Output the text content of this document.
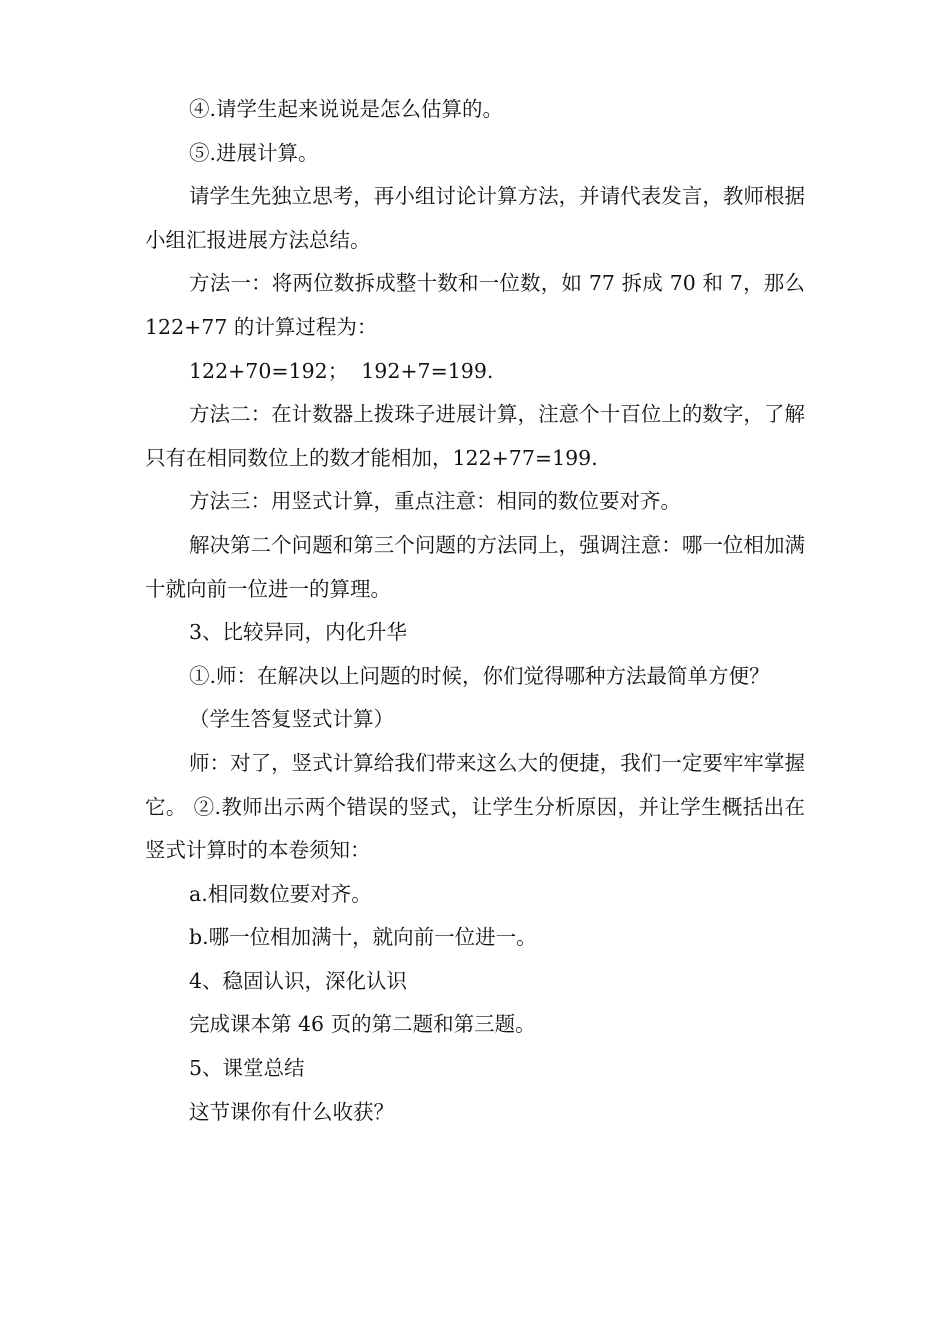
④.请学生起来说说是怎么估算的。

⑤.进展计算。

请学生先独立思考，再小组讨论计算方法，并请代表发言，教师根据小组汇报进展方法总结。

方法一：将两位数拆成整十数和一位数，如 77 拆成 70 和 7，那么 122+77 的计算过程为：

122+70=192；  192+7=199.

方法二：在计数器上拨珠子进展计算，注意个十百位上的数字，了解只有在相同数位上的数才能相加，122+77=199.

方法三：用竖式计算，重点注意：相同的数位要对齐。

解决第二个问题和第三个问题的方法同上，强调注意：哪一位相加满十就向前一位进一的算理。

3、比较异同，内化升华

①.师：在解决以上问题的时候，你们觉得哪种方法最简单方便？

（学生答复竖式计算）

师：对了，竖式计算给我们带来这么大的便捷，我们一定要牢牢掌握它。 ②.教师出示两个错误的竖式，让学生分析原因，并让学生概括出在竖式计算时的本卷须知：

a.相同数位要对齐。

b.哪一位相加满十，就向前一位进一。

4、稳固认识，深化认识

完成课本第 46 页的第二题和第三题。

5、课堂总结

这节课你有什么收获？
